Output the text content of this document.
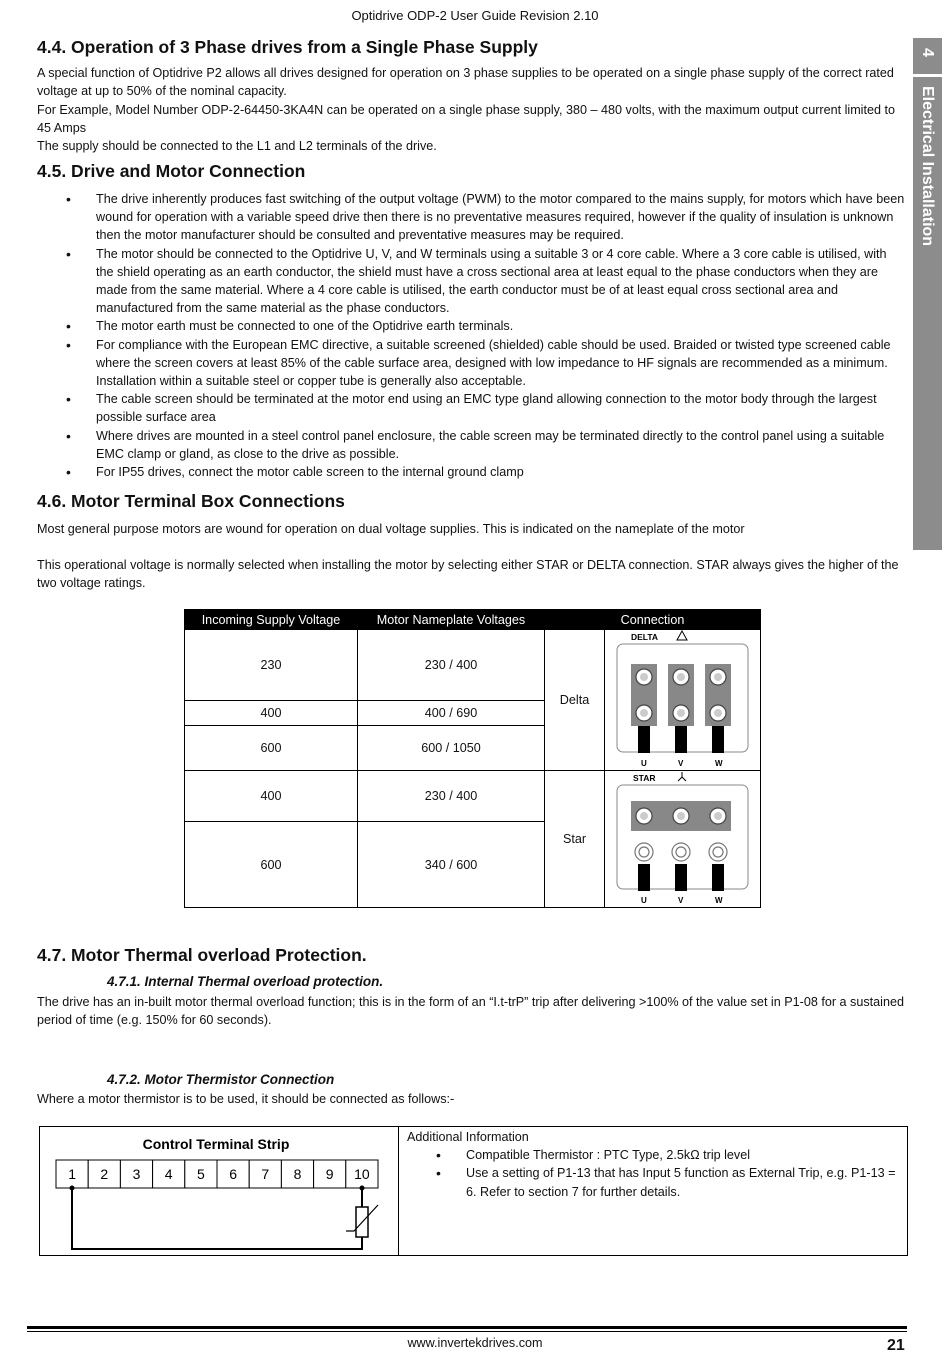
Optidrive ODP-2 User Guide Revision 2.10
4
Electrical Installation
4.4. Operation of 3 Phase drives from a Single Phase Supply

A special function of Optidrive P2 allows all drives designed for operation on 3 phase supplies to be operated on a single phase supply of the correct rated voltage at up to 50% of the nominal capacity.

For Example, Model Number ODP-2-64450-3KA4N can be operated on a single phase supply, 380 – 480 volts, with the maximum output current limited to 45 Amps

The supply should be connected to the L1 and L2 terminals of the drive.

4.5. Drive and Motor Connection
• The drive inherently produces fast switching of the output voltage (PWM) to the motor compared to the mains supply, for motors which have been wound for operation with a variable speed drive then there is no preventative measures required, however if the quality of insulation is unknown then the motor manufacturer should be consulted and preventative measures may be required.
• The motor should be connected to the Optidrive U, V, and W terminals using a suitable 3 or 4 core cable. Where a 3 core cable is utilised, with the shield operating as an earth conductor, the shield must have a cross sectional area at least equal to the phase conductors when they are made from the same material. Where a 4 core cable is utilised, the earth conductor must be of at least equal cross sectional area and manufactured from the same material as the phase conductors.
• The motor earth must be connected to one of the Optidrive earth terminals.
• For compliance with the European EMC directive, a suitable screened (shielded) cable should be used. Braided or twisted type screened cable where the screen covers at least 85% of the cable surface area, designed with low impedance to HF signals are recommended as a minimum. Installation within a suitable steel or copper tube is generally also acceptable.
• The cable screen should be terminated at the motor end using an EMC type gland allowing connection to the motor body through the largest possible surface area
• Where drives are mounted in a steel control panel enclosure, the cable screen may be terminated directly to the control panel using a suitable EMC clamp or gland, as close to the drive as possible.
• For IP55 drives, connect the motor cable screen to the internal ground clamp
4.6. Motor Terminal Box Connections

Most general purpose motors are wound for operation on dual voltage supplies. This is indicated on the nameplate of the motor

This operational voltage is normally selected when installing the motor by selecting either STAR or DELTA connection. STAR always gives the higher of the two voltage ratings.

Incoming Supply Voltage	Motor Nameplate Voltages	Connection	
230	230 / 400	Delta	DELTA
U V W

400	400 / 690		
600	600 / 1050		
400	230 / 400	Star	STAR
U V W

600	340 / 600		
4.7. Motor Thermal overload Protection.
4.7.1. Internal Thermal overload protection.

The drive has an in-built motor thermal overload function; this is in the form of an “I.t-trP” trip after delivering >100% of the value set in P1-08 for a sustained period of time (e.g. 150% for 60 seconds).

4.7.2. Motor Thermistor Connection

Where a motor thermistor is to be used, it should be connected as follows:-

Control Terminal Strip
1 2 3 4 5 6 7 8 9 10
Additional Information
• Compatible Thermistor : PTC Type, 2.5kΩ trip level
• Use a setting of P1-13 that has Input 5 function as External Trip, e.g. P1-13 = 6. Refer to section 7 for further details.
www.invertekdrives.com	21
